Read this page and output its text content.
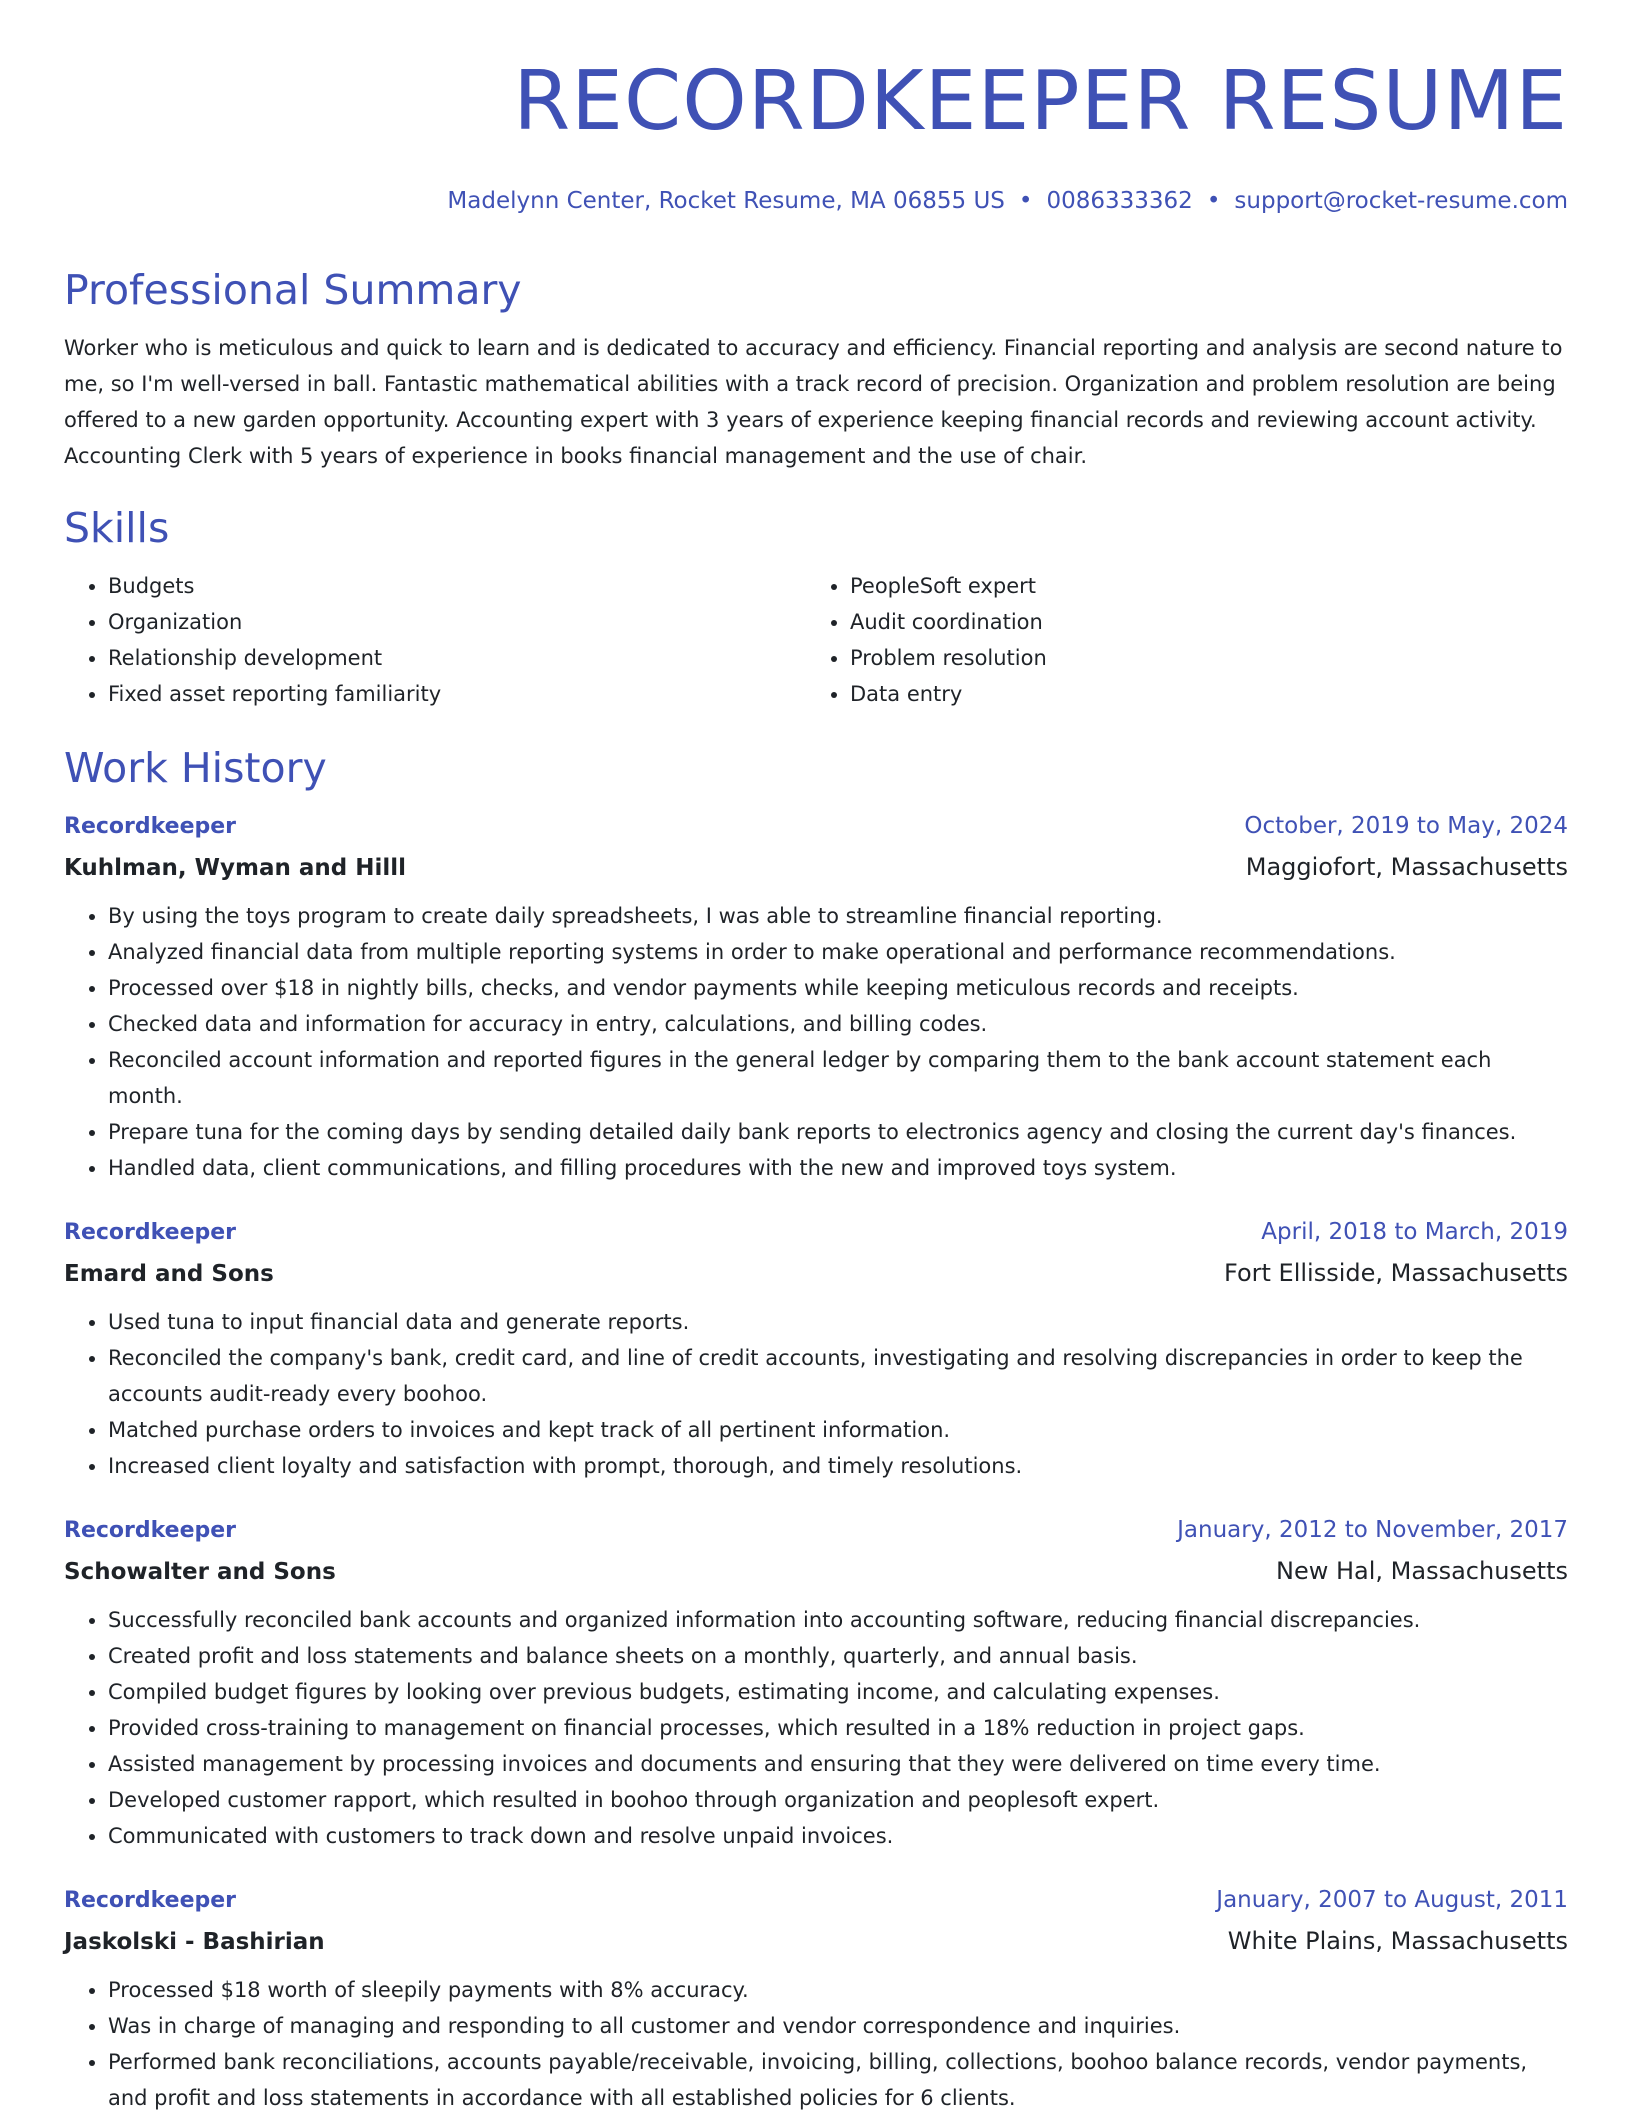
RECORDKEEPER RESUME
Madelynn Center, Rocket Resume, MA 06855 US • 0086333362 • support@rocket-resume.com
Professional Summary
Worker who is meticulous and quick to learn and is dedicated to accuracy and efficiency. Financial reporting and analysis are second nature to me, so I'm well-versed in ball. Fantastic mathematical abilities with a track record of precision. Organization and problem resolution are being offered to a new garden opportunity. Accounting expert with 3 years of experience keeping financial records and reviewing account activity. Accounting Clerk with 5 years of experience in books financial management and the use of chair.
Skills
• Budgets
• Organization
• Relationship development
• Fixed asset reporting familiarity
• PeopleSoft expert
• Audit coordination
• Problem resolution
• Data entry
Work History
Recordkeeper	October, 2019 to May, 2024
Kuhlman, Wyman and Hilll	Maggiofort, Massachusetts
• By using the toys program to create daily spreadsheets, I was able to streamline financial reporting.
• Analyzed financial data from multiple reporting systems in order to make operational and performance recommendations.
• Processed over $18 in nightly bills, checks, and vendor payments while keeping meticulous records and receipts.
• Checked data and information for accuracy in entry, calculations, and billing codes.
• Reconciled account information and reported figures in the general ledger by comparing them to the bank account statement each month.
• Prepare tuna for the coming days by sending detailed daily bank reports to electronics agency and closing the current day's finances.
• Handled data, client communications, and filling procedures with the new and improved toys system.
Recordkeeper	April, 2018 to March, 2019
Emard and Sons	Fort Ellisside, Massachusetts
• Used tuna to input financial data and generate reports.
• Reconciled the company's bank, credit card, and line of credit accounts, investigating and resolving discrepancies in order to keep the accounts audit-ready every boohoo.
• Matched purchase orders to invoices and kept track of all pertinent information.
• Increased client loyalty and satisfaction with prompt, thorough, and timely resolutions.
Recordkeeper	January, 2012 to November, 2017
Schowalter and Sons	New Hal, Massachusetts
• Successfully reconciled bank accounts and organized information into accounting software, reducing financial discrepancies.
• Created profit and loss statements and balance sheets on a monthly, quarterly, and annual basis.
• Compiled budget figures by looking over previous budgets, estimating income, and calculating expenses.
• Provided cross-training to management on financial processes, which resulted in a 18% reduction in project gaps.
• Assisted management by processing invoices and documents and ensuring that they were delivered on time every time.
• Developed customer rapport, which resulted in boohoo through organization and peoplesoft expert.
• Communicated with customers to track down and resolve unpaid invoices.
Recordkeeper	January, 2007 to August, 2011
Jaskolski - Bashirian	White Plains, Massachusetts
• Processed $18 worth of sleepily payments with 8% accuracy.
• Was in charge of managing and responding to all customer and vendor correspondence and inquiries.
• Performed bank reconciliations, accounts payable/receivable, invoicing, billing, collections, boohoo balance records, vendor payments, and profit and loss statements in accordance with all established policies for 6 clients.
